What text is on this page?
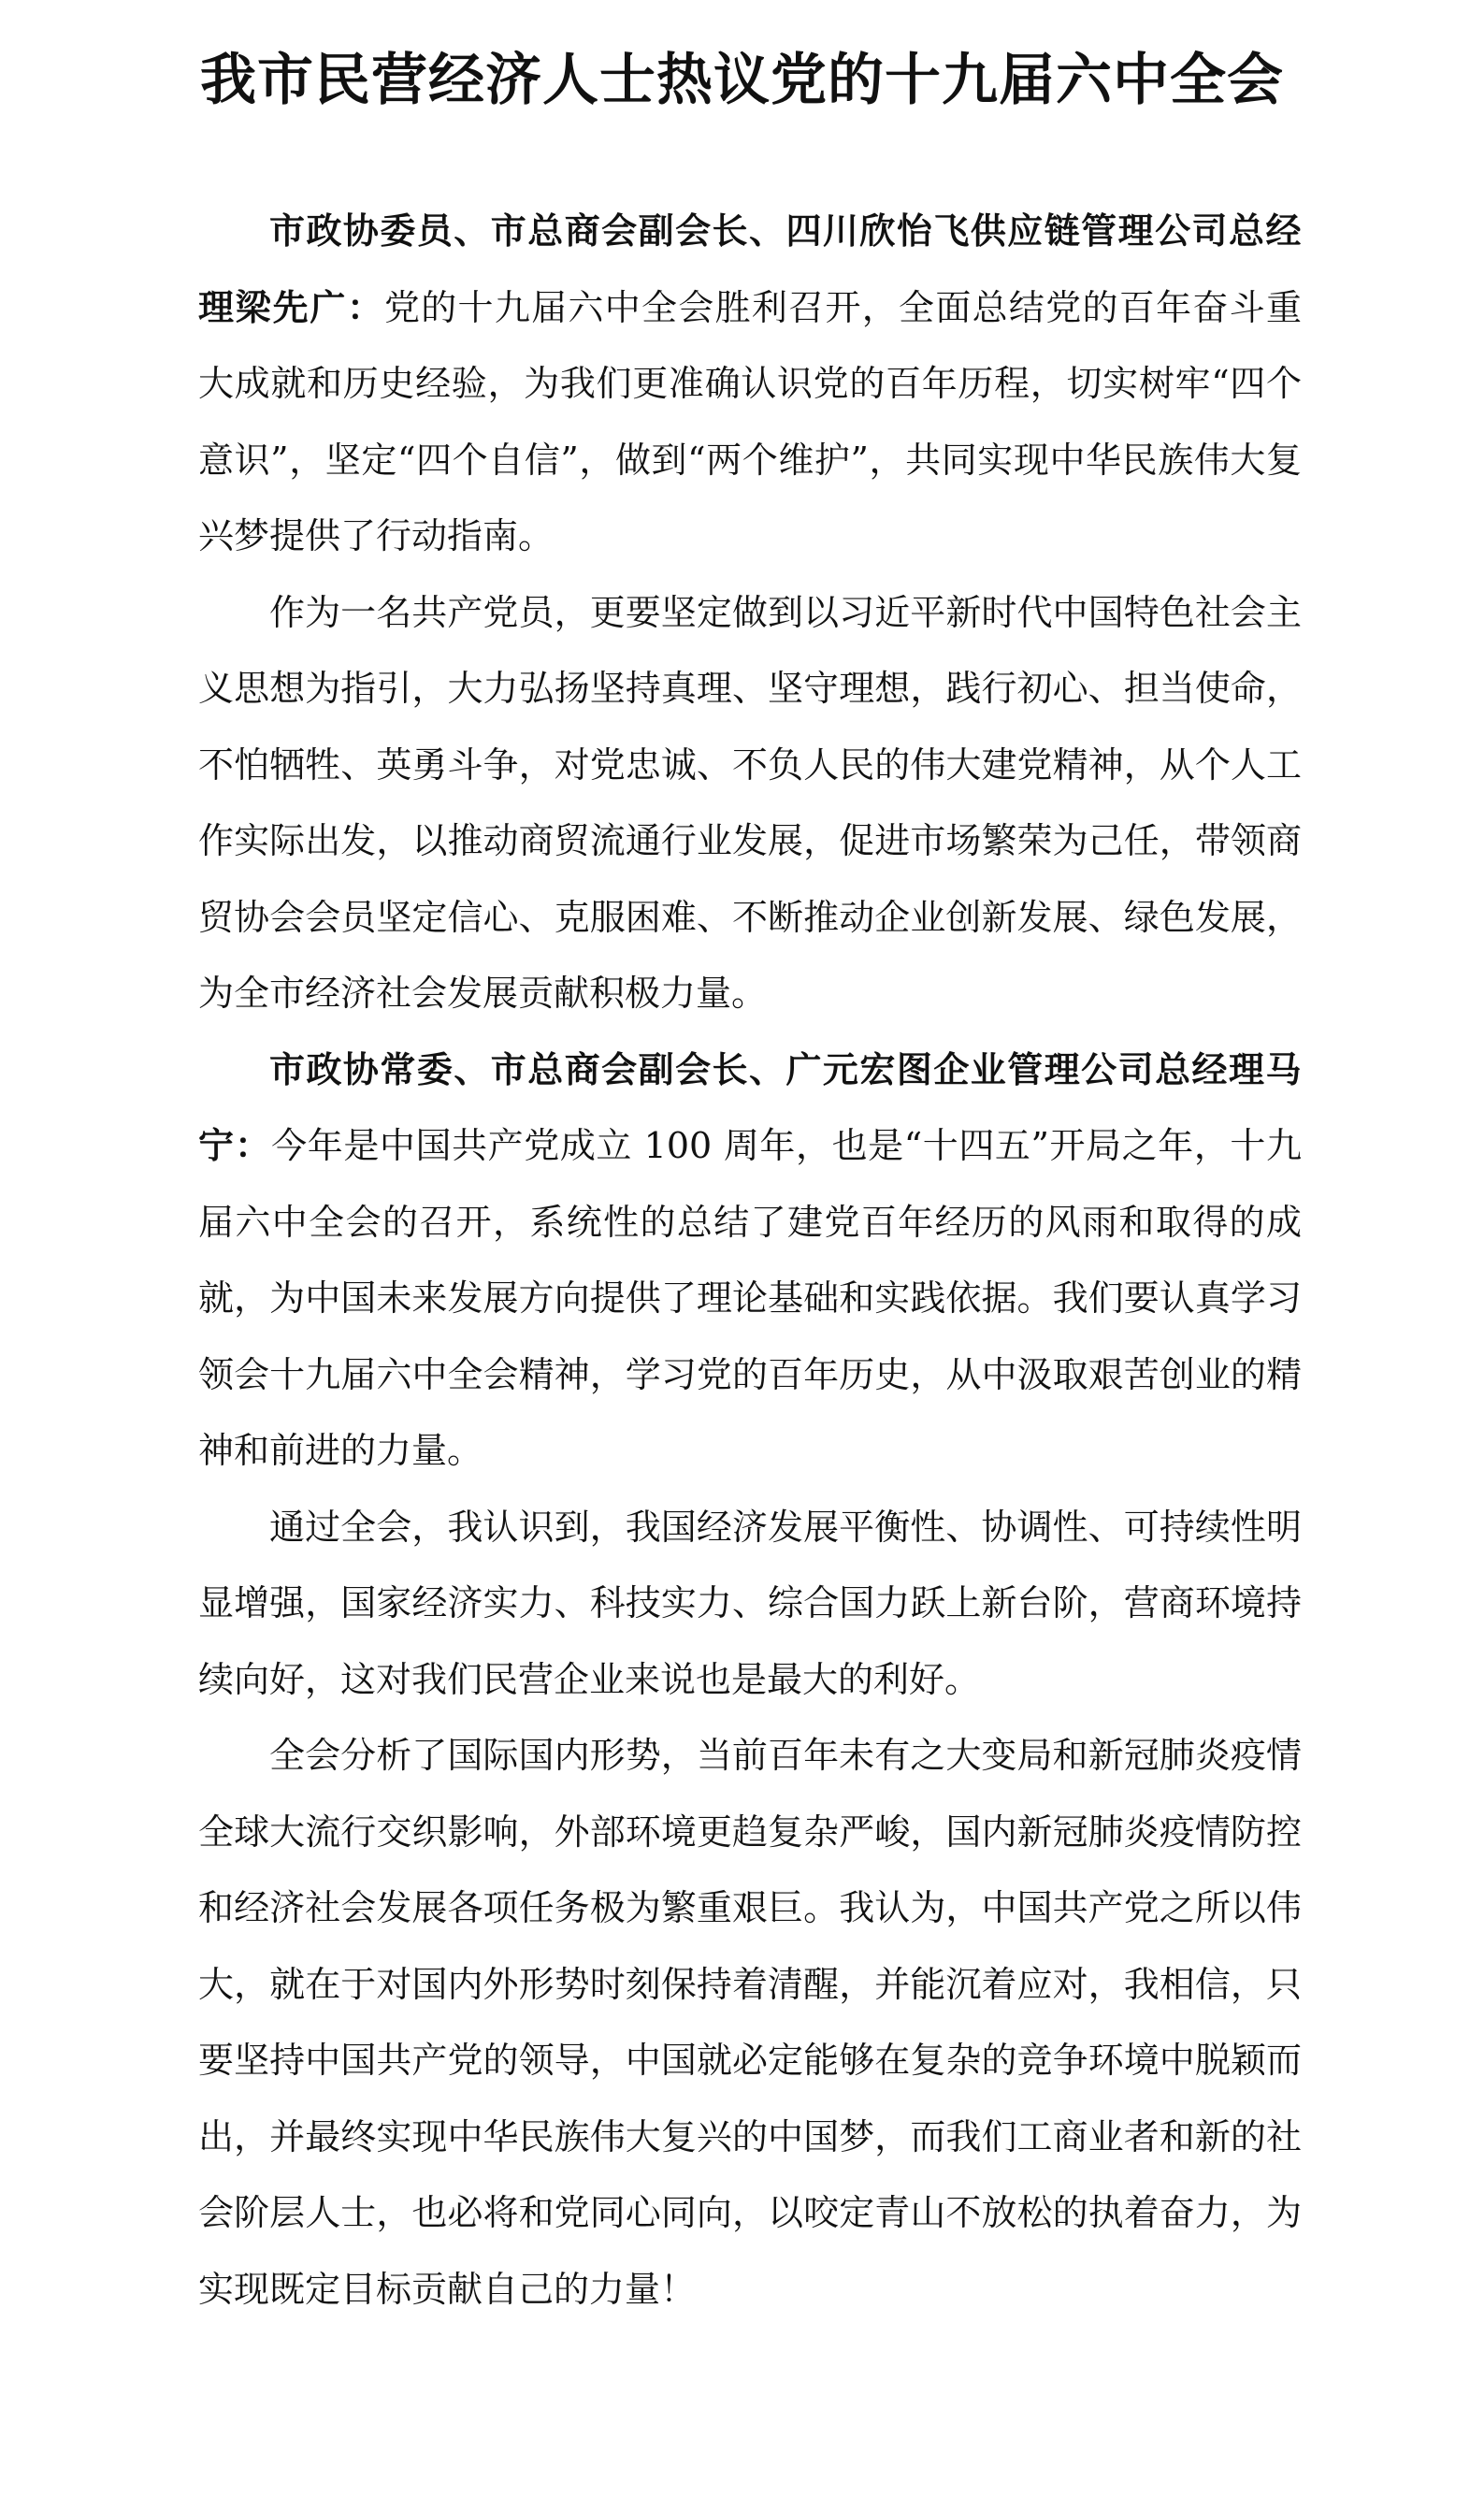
我市民营经济人士热议党的十九届六中全会

市政协委员、市总商会副会长、四川欣怡飞供应链管理公司总经理梁先广：党的十九届六中全会胜利召开，全面总结党的百年奋斗重大成就和历史经验，为我们更准确认识党的百年历程，切实树牢“四个意识”，坚定“四个自信”，做到“两个维护”，共同实现中华民族伟大复兴梦提供了行动指南。

作为一名共产党员，更要坚定做到以习近平新时代中国特色社会主义思想为指引，大力弘扬坚持真理、坚守理想，践行初心、担当使命，不怕牺牲、英勇斗争，对党忠诚、不负人民的伟大建党精神，从个人工作实际出发，以推动商贸流通行业发展，促进市场繁荣为己任，带领商贸协会会员坚定信心、克服困难、不断推动企业创新发展、绿色发展，为全市经济社会发展贡献积极力量。

市政协常委、市总商会副会长、广元宏图企业管理公司总经理马宁：今年是中国共产党成立 100 周年，也是“十四五”开局之年，十九届六中全会的召开，系统性的总结了建党百年经历的风雨和取得的成就，为中国未来发展方向提供了理论基础和实践依据。我们要认真学习领会十九届六中全会精神，学习党的百年历史，从中汲取艰苦创业的精神和前进的力量。

通过全会，我认识到，我国经济发展平衡性、协调性、可持续性明显增强，国家经济实力、科技实力、综合国力跃上新台阶，营商环境持续向好，这对我们民营企业来说也是最大的利好。

全会分析了国际国内形势，当前百年未有之大变局和新冠肺炎疫情全球大流行交织影响，外部环境更趋复杂严峻，国内新冠肺炎疫情防控和经济社会发展各项任务极为繁重艰巨。我认为，中国共产党之所以伟大，就在于对国内外形势时刻保持着清醒，并能沉着应对，我相信，只要坚持中国共产党的领导，中国就必定能够在复杂的竞争环境中脱颖而出，并最终实现中华民族伟大复兴的中国梦，而我们工商业者和新的社会阶层人士，也必将和党同心同向，以咬定青山不放松的执着奋力，为实现既定目标贡献自己的力量！
